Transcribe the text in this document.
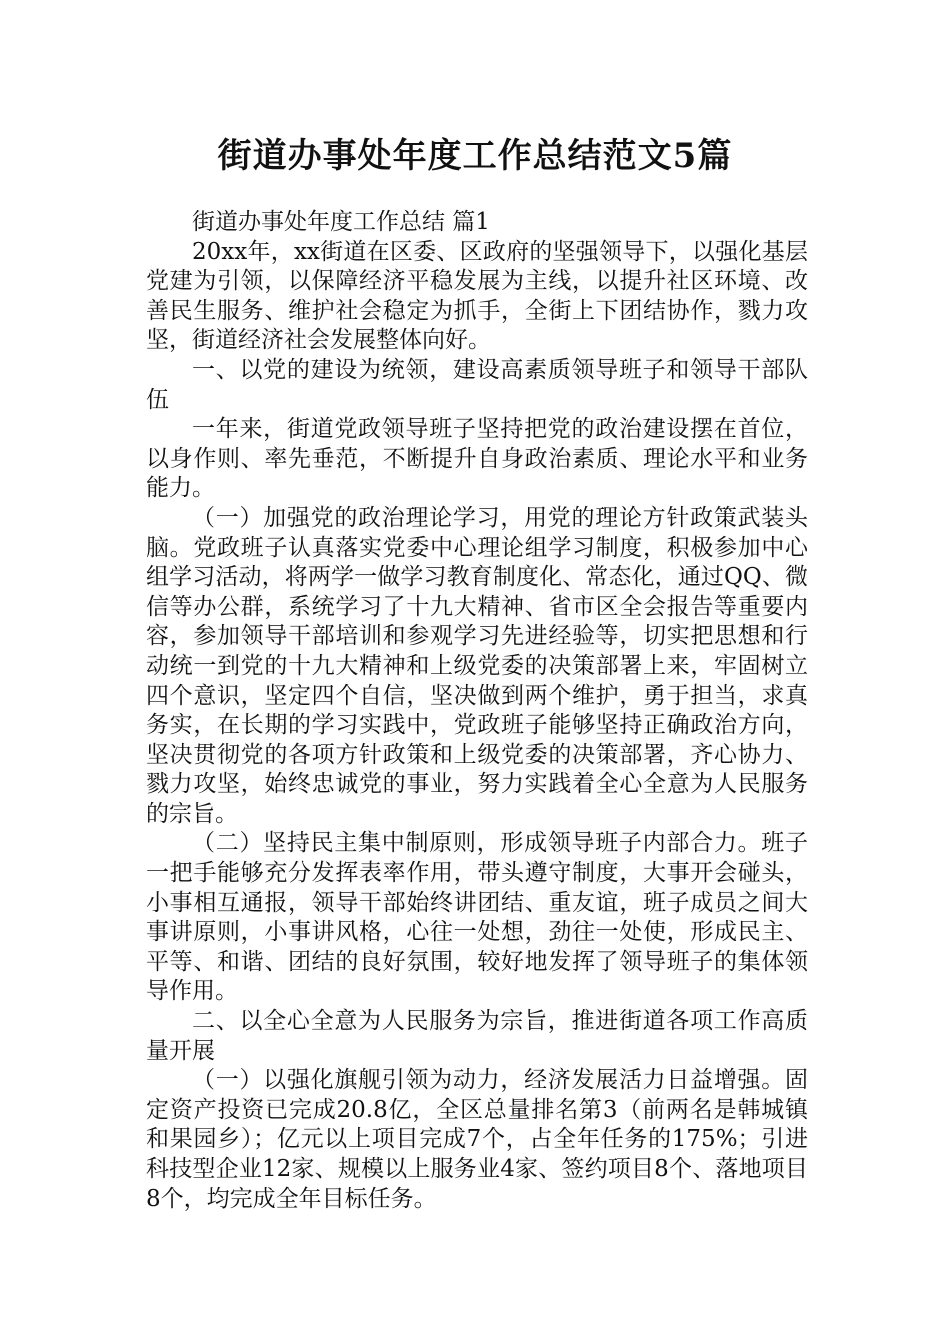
街道办事处年度工作总结范文5篇

街道办事处年度工作总结 篇1

20xx年，xx街道在区委、区政府的坚强领导下，以强化基层党建为引领，以保障经济平稳发展为主线，以提升社区环境、改善民生服务、维护社会稳定为抓手，全街上下团结协作，戮力攻坚，街道经济社会发展整体向好。

一、以党的建设为统领，建设高素质领导班子和领导干部队伍

一年来，街道党政领导班子坚持把党的政治建设摆在首位，以身作则、率先垂范，不断提升自身政治素质、理论水平和业务能力。

（一）加强党的政治理论学习，用党的理论方针政策武装头脑。党政班子认真落实党委中心理论组学习制度，积极参加中心组学习活动，将两学一做学习教育制度化、常态化，通过QQ、微信等办公群，系统学习了十九大精神、省市区全会报告等重要内容，参加领导干部培训和参观学习先进经验等，切实把思想和行动统一到党的十九大精神和上级党委的决策部署上来，牢固树立四个意识，坚定四个自信，坚决做到两个维护，勇于担当，求真务实，在长期的学习实践中，党政班子能够坚持正确政治方向，坚决贯彻党的各项方针政策和上级党委的决策部署，齐心协力、戮力攻坚，始终忠诚党的事业，努力实践着全心全意为人民服务的宗旨。

（二）坚持民主集中制原则，形成领导班子内部合力。班子一把手能够充分发挥表率作用，带头遵守制度，大事开会碰头，小事相互通报，领导干部始终讲团结、重友谊，班子成员之间大事讲原则，小事讲风格，心往一处想，劲往一处使，形成民主、平等、和谐、团结的良好氛围，较好地发挥了领导班子的集体领导作用。

二、以全心全意为人民服务为宗旨，推进街道各项工作高质量开展

（一）以强化旗舰引领为动力，经济发展活力日益增强。固定资产投资已完成20.8亿，全区总量排名第3（前两名是韩城镇和果园乡）；亿元以上项目完成7个，占全年任务的175%；引进科技型企业12家、规模以上服务业4家、签约项目8个、落地项目8个，均完成全年目标任务。
